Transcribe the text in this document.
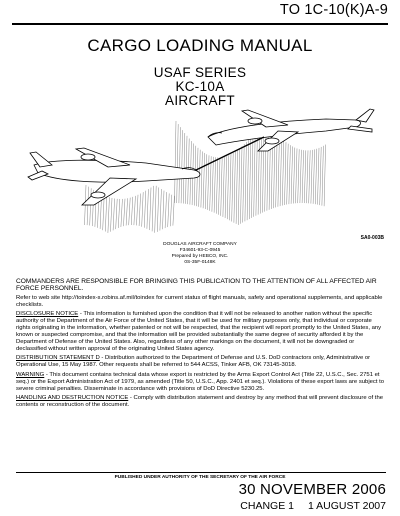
TO 1C-10(K)A-9
CARGO LOADING MANUAL
USAF SERIES
KC-10A
AIRCRAFT
SA0-003B
DOUGLAS AIRCRAFT COMPANY
F34601-93-C-0945
Prepared by HEBCO, INC.
0S-35F-0148K

COMMANDERS ARE RESPONSIBLE FOR BRINGING THIS PUBLICATION TO THE ATTENTION OF ALL AFFECTED AIR FORCE PERSONNEL.

Refer to web site http://toindex-s.robins.af.mil/toindex for current status of flight manuals, safety and operational supplements, and applicable checklists.

DISCLOSURE NOTICE - This information is furnished upon the condition that it will not be released to another nation without the specific authority of the Department of the Air Force of the United States, that it will be used for military purposes only, that individual or corporate rights originating in the information, whether patented or not will be respected, that the recipient will report promptly to the United States, any known or suspected compromise, and that the information will be provided substantially the same degree of security afforded it by the Department of Defense of the United States. Also, regardless of any other markings on the document, it will not be downgraded or declassified without written approval of the originating United States agency.

DISTRIBUTION STATEMENT D - Distribution authorized to the Department of Defense and U.S. DoD contractors only, Administrative or Operational Use, 15 May 1987. Other requests shall be referred to 544 ACSS, Tinker AFB, OK 73145-3018.

WARNING - This document contains technical data whose export is restricted by the Arms Export Control Act (Title 22, U.S.C., Sec. 2751 et seq.) or the Export Administration Act of 1979, as amended (Title 50, U.S.C., App. 2401 et seq.). Violations of these export laws are subject to severe criminal penalties. Disseminate in accordance with provisions of DoD Directive 5230.25.

HANDLING AND DESTRUCTION NOTICE - Comply with distribution statement and destroy by any method that will prevent disclosure of the contents or reconstruction of the document.

PUBLISHED UNDER AUTHORITY OF THE SECRETARY OF THE AIR FORCE
30 NOVEMBER 2006
CHANGE 1 1 AUGUST 2007
